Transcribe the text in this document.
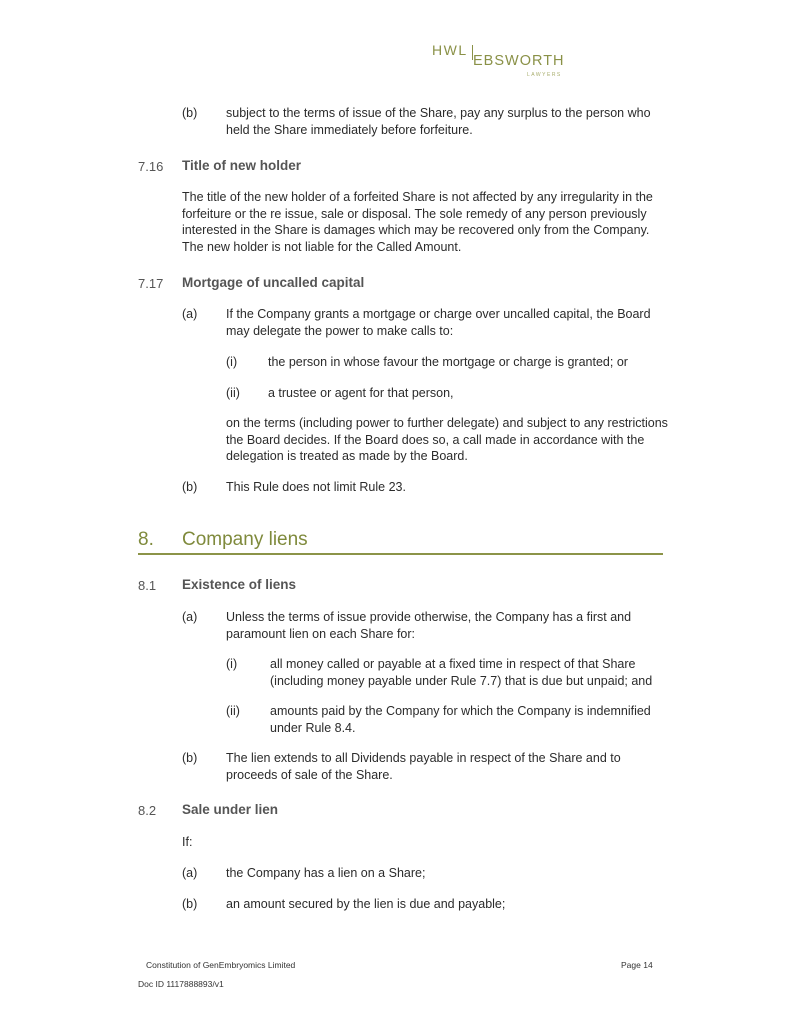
HWL
EBSWORTH
LAWYERS
(b) subject to the terms of issue of the Share, pay any surplus to the person who
held the Share immediately before forfeiture.
7.16 Title of new holder
The title of the new holder of a forfeited Share is not affected by any irregularity in the
forfeiture or the re issue, sale or disposal. The sole remedy of any person previously
interested in the Share is damages which may be recovered only from the Company.
The new holder is not liable for the Called Amount.
7.17 Mortgage of uncalled capital
(a) If the Company grants a mortgage or charge over uncalled capital, the Board
may delegate the power to make calls to:
(i) the person in whose favour the mortgage or charge is granted; or
(ii) a trustee or agent for that person,
on the terms (including power to further delegate) and subject to any restrictions
the Board decides. If the Board does so, a call made in accordance with the
delegation is treated as made by the Board.
(b) This Rule does not limit Rule 23.
8. Company liens
8.1 Existence of liens
(a) Unless the terms of issue provide otherwise, the Company has a first and
paramount lien on each Share for:
(i)	all money called or payable at a fixed time in respect of that Share
(including money payable under Rule 7.7) that is due but unpaid; and
(ii) amounts paid by the Company for which the Company is indemnified
under Rule 8.4.
(b) The lien extends to all Dividends payable in respect of the Share and to
proceeds of sale of the Share.
8.2 Sale under lien
If:
(a) the Company has a lien on a Share;
(b) an amount secured by the lien is due and payable;
Constitution of GenEmbryomics Limited	Page 14
Doc ID 1117888893/v1
